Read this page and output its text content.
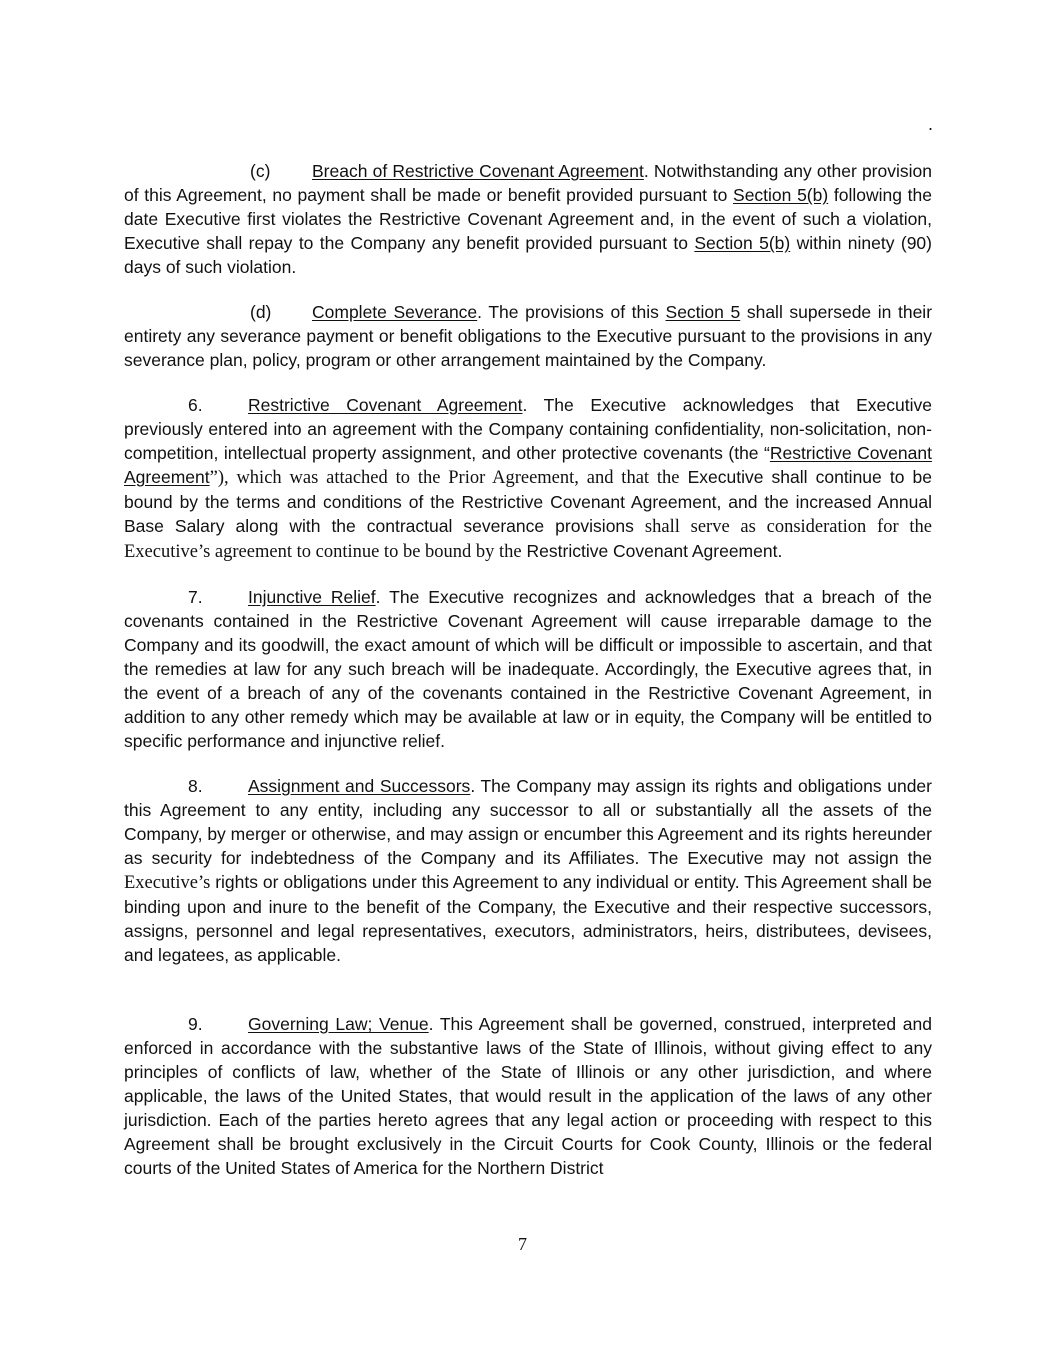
.

(c) Breach of Restrictive Covenant Agreement. Notwithstanding any other provision of this Agreement, no payment shall be made or benefit provided pursuant to Section 5(b) following the date Executive first violates the Restrictive Covenant Agreement and, in the event of such a violation, Executive shall repay to the Company any benefit provided pursuant to Section 5(b) within ninety (90) days of such violation.

(d) Complete Severance. The provisions of this Section 5 shall supersede in their entirety any severance payment or benefit obligations to the Executive pursuant to the provisions in any severance plan, policy, program or other arrangement maintained by the Company.

6.	Restrictive Covenant Agreement. The Executive acknowledges that Executive previously entered into an agreement with the Company containing confidentiality, non-solicitation, non-competition, intellectual property assignment, and other protective covenants (the “Restrictive Covenant Agreement”), which was attached to the Prior Agreement, and that the Executive shall continue to be bound by the terms and conditions of the Restrictive Covenant Agreement, and the increased Annual Base Salary along with the contractual severance provisions shall serve as consideration for the Executive’s agreement to continue to be bound by the Restrictive Covenant Agreement.

7.	Injunctive Relief. The Executive recognizes and acknowledges that a breach of the covenants contained in the Restrictive Covenant Agreement will cause irreparable damage to the Company and its goodwill, the exact amount of which will be difficult or impossible to ascertain, and that the remedies at law for any such breach will be inadequate. Accordingly, the Executive agrees that, in the event of a breach of any of the covenants contained in the Restrictive Covenant Agreement, in addition to any other remedy which may be available at law or in equity, the Company will be entitled to specific performance and injunctive relief.

8.	Assignment and Successors. The Company may assign its rights and obligations under this Agreement to any entity, including any successor to all or substantially all the assets of the Company, by merger or otherwise, and may assign or encumber this Agreement and its rights hereunder as security for indebtedness of the Company and its Affiliates. The Executive may not assign the Executive’s rights or obligations under this Agreement to any individual or entity. This Agreement shall be binding upon and inure to the benefit of the Company, the Executive and their respective successors, assigns, personnel and legal representatives, executors, administrators, heirs, distributees, devisees, and legatees, as applicable.

9.	Governing Law; Venue. This Agreement shall be governed, construed, interpreted and enforced in accordance with the substantive laws of the State of Illinois, without giving effect to any principles of conflicts of law, whether of the State of Illinois or any other jurisdiction, and where applicable, the laws of the United States, that would result in the application of the laws of any other jurisdiction. Each of the parties hereto agrees that any legal action or proceeding with respect to this Agreement shall be brought exclusively in the Circuit Courts for Cook County, Illinois or the federal courts of the United States of America for the Northern District

7
